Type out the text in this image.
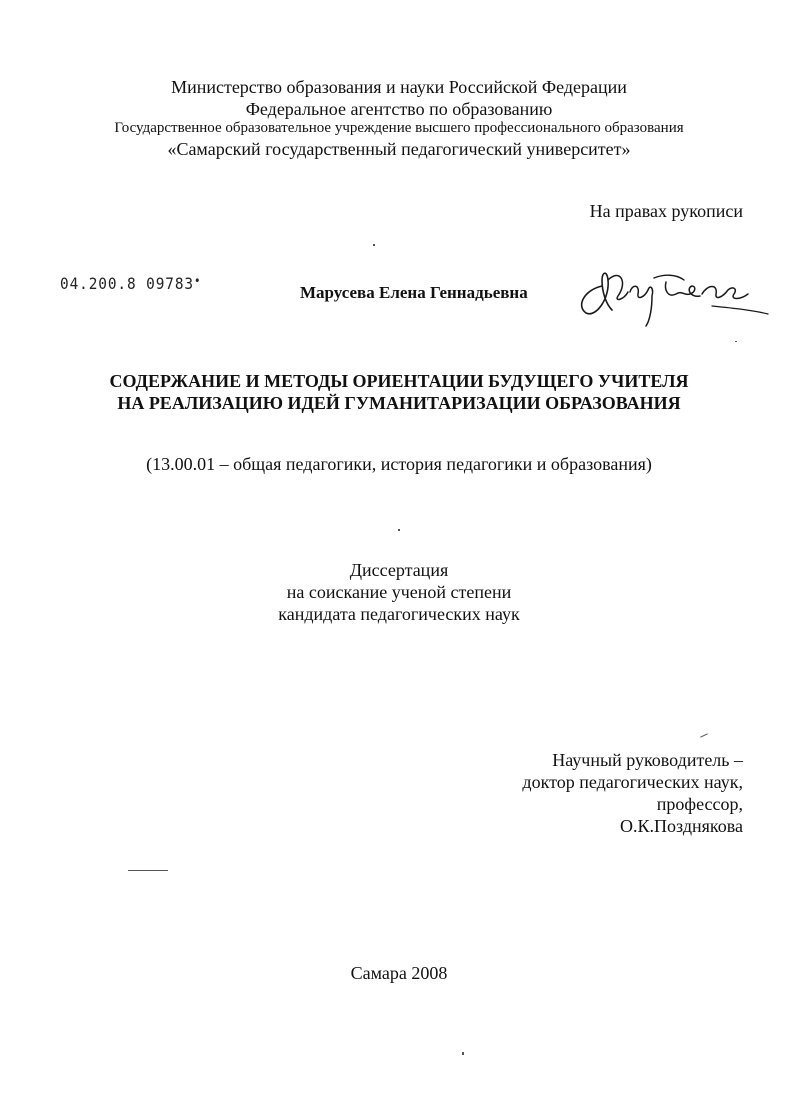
Министерство образования и науки Российской Федерации
Федеральное агентство по образованию
Государственное образовательное учреждение высшего профессионального образования
«Самарский государственный педагогический университет»
На правах рукописи
04.200.8 09783•
Марусева Елена Геннадьевна
СОДЕРЖАНИЕ И МЕТОДЫ ОРИЕНТАЦИИ БУДУЩЕГО УЧИТЕЛЯ
НА РЕАЛИЗАЦИЮ ИДЕЙ ГУМАНИТАРИЗАЦИИ ОБРАЗОВАНИЯ
(13.00.01 – общая педагогики, история педагогики и образования)
Диссертация
на соискание ученой степени
кандидата педагогических наук
Научный руководитель –
доктор педагогических наук,
профессор,
О.К.Позднякова
Самара 2008
